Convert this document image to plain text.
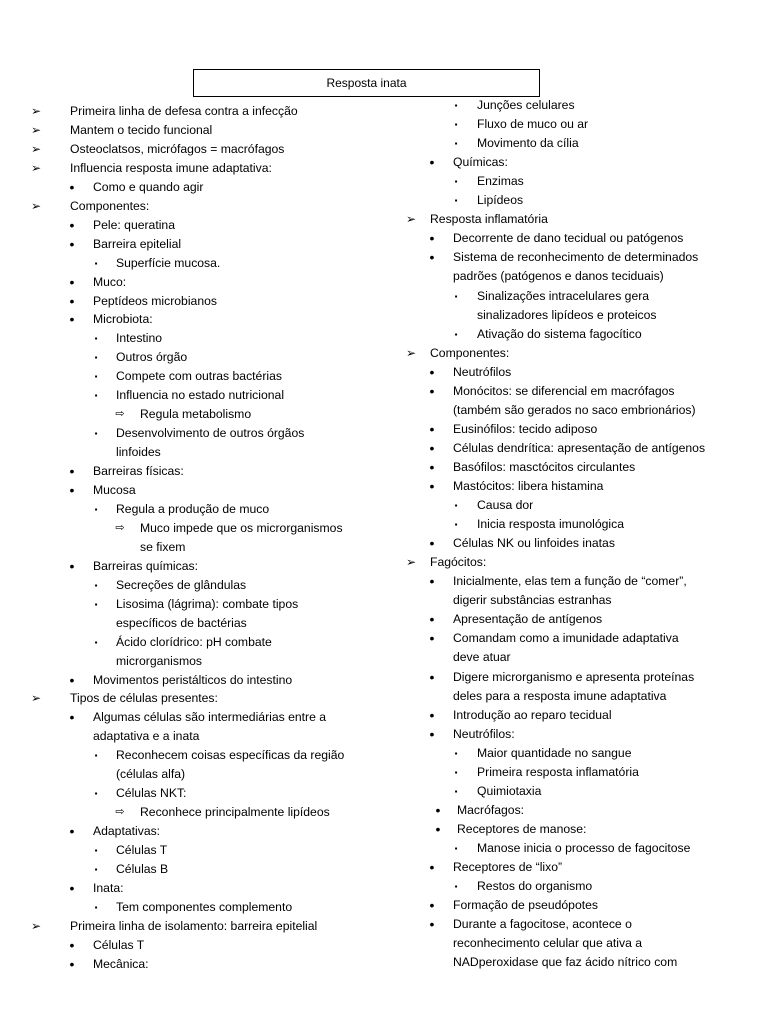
Resposta inata
➢ Primeira linha de defesa contra a infecção
➢ Mantem o tecido funcional
➢ Osteoclatsos, micrófagos = macrófagos
➢ Influencia resposta imune adaptativa:
• Como e quando agir
➢ Componentes:
• Pele: queratina
• Barreira epitelial
▪	Superfície mucosa.
• Muco:
• Peptídeos microbianos
• Microbiota:
▪	Intestino
▪	Outros órgão
▪	Compete com outras bactérias
▪	Influencia no estado nutricional
⇨ Regula metabolismo
▪	Desenvolvimento de outros órgãos
linfoides
• Barreiras físicas:
• Mucosa
▪	Regula a produção de muco
⇨ Muco impede que os microrganismos
se fixem
• Barreiras químicas:
▪	Secreções de glândulas
▪	Lisosima (lágrima): combate tipos
específicos de bactérias
▪	Ácido clorídrico: pH combate
microrganismos
• Movimentos peristálticos do intestino
➢ Tipos de células presentes:
• Algumas células são intermediárias entre a
adaptativa e a inata
▪	Reconhecem coisas específicas da região
(células alfa)
▪	Células NKT:
⇨ Reconhece principalmente lipídeos
• Adaptativas:
▪	Células T
▪	Células B
• Inata:
▪	Tem componentes complemento
➢ Primeira linha de isolamento: barreira epitelial
• Células T
• Mecânica:
▪	Junções celulares
▪	Fluxo de muco ou ar
▪	Movimento da cília
• Químicas:
▪	Enzimas
▪	Lipídeos
➢ Resposta inflamatória
• Decorrente de dano tecidual ou patógenos
• Sistema de reconhecimento de determinados
padrões (patógenos e danos teciduais)
▪	Sinalizações intracelulares gera
sinalizadores lipídeos e proteicos
▪	Ativação do sistema fagocítico
➢ Componentes:
• Neutrófilos
• Monócitos: se diferencial em macrófagos
(também são gerados no saco embrionários)
• Eusinófilos: tecido adiposo
• Células dendrítica: apresentação de antígenos
• Basófilos: masctócitos circulantes
• Mastócitos: libera histamina
▪	Causa dor
▪	Inicia resposta imunológica
• Células NK ou linfoides inatas
➢ Fagócitos:
• Inicialmente, elas tem a função de “comer”,
digerir substâncias estranhas
• Apresentação de antígenos
• Comandam como a imunidade adaptativa
deve atuar
• Digere microrganismo e apresenta proteínas
deles para a resposta imune adaptativa
• Introdução ao reparo tecidual
• Neutrófilos:
▪	Maior quantidade no sangue
▪	Primeira resposta inflamatória
▪	Quimiotaxia
• Macrófagos:
• Receptores de manose:
▪	Manose inicia o processo de fagocitose
• Receptores de “lixo”
▪	Restos do organismo
• Formação de pseudópotes
• Durante a fagocitose, acontece o
reconhecimento celular que ativa a
NADperoxidase que faz ácido nítrico com
